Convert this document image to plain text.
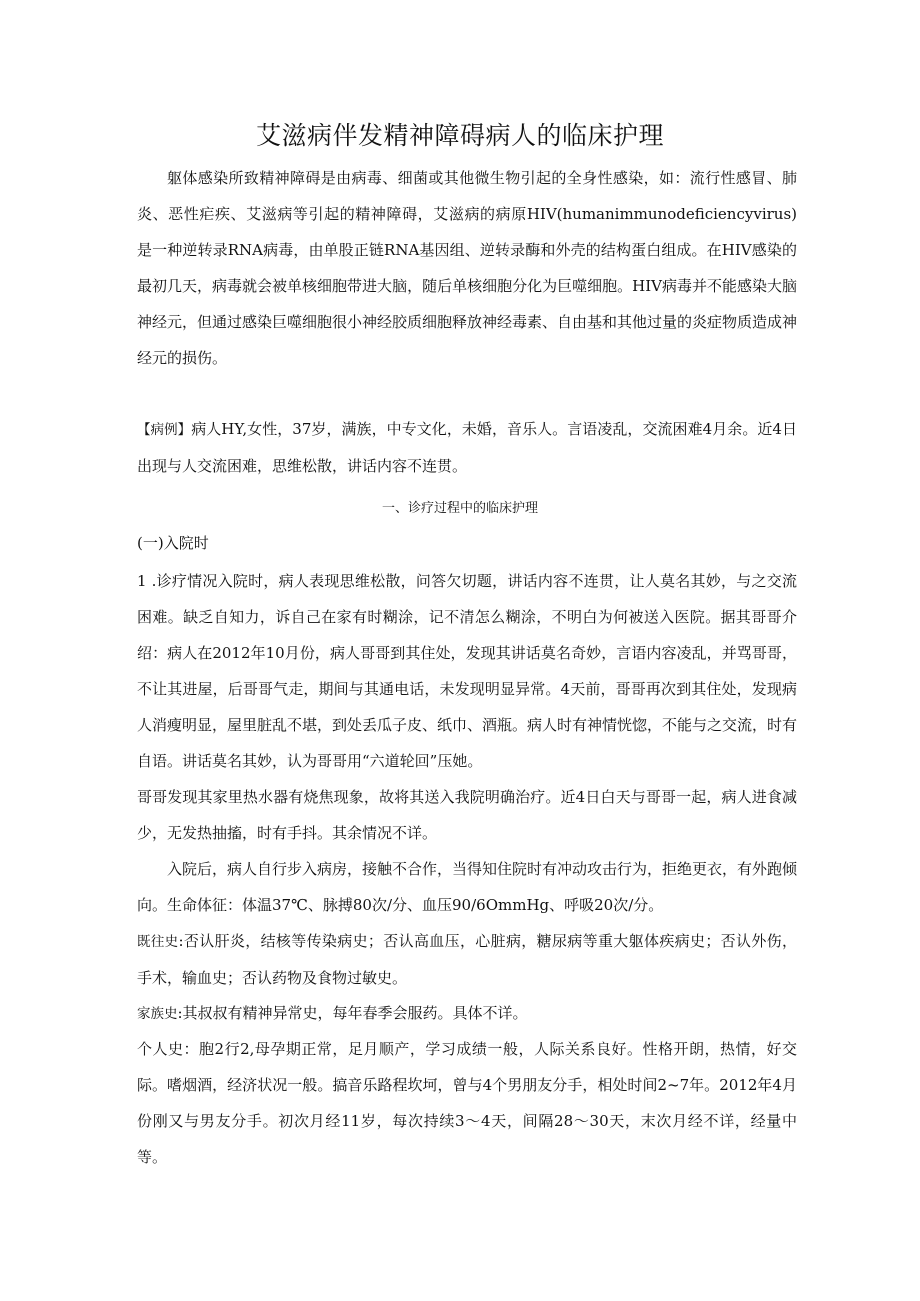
艾滋病伴发精神障碍病人的临床护理

躯体感染所致精神障碍是由病毒、细菌或其他微生物引起的全身性感染，如：流行性感冒、肺炎、恶性疟疾、艾滋病等引起的精神障碍，艾滋病的病原HIV(humanimmunodeficiencyvirus)是一种逆转录RNA病毒，由单股正链RNA基因组、逆转录酶和外壳的结构蛋白组成。在HIV感染的最初几天，病毒就会被单核细胞带进大脑，随后单核细胞分化为巨噬细胞。HIV病毒并不能感染大脑神经元，但通过感染巨噬细胞很小神经胶质细胞释放神经毒素、自由基和其他过量的炎症物质造成神经元的损伤。

【病例】病人HY,女性，37岁，满族，中专文化，未婚，音乐人。言语凌乱，交流困难4月余。近4日出现与人交流困难，思维松散，讲话内容不连贯。

一、诊疗过程中的临床护理

(一)入院时

1 .诊疗情况入院时，病人表现思维松散，问答欠切题，讲话内容不连贯，让人莫名其妙，与之交流困难。缺乏自知力，诉自己在家有时糊涂，记不清怎么糊涂，不明白为何被送入医院。据其哥哥介绍：病人在2012年10月份，病人哥哥到其住处，发现其讲话莫名奇妙，言语内容凌乱，并骂哥哥，不让其进屋，后哥哥气走，期间与其通电话，未发现明显异常。4天前，哥哥再次到其住处，发现病人消瘦明显，屋里脏乱不堪，到处丢瓜子皮、纸巾、酒瓶。病人时有神情恍惚，不能与之交流，时有自语。讲话莫名其妙，认为哥哥用“六道轮回”压她。

哥哥发现其家里热水器有烧焦现象，故将其送入我院明确治疗。近4日白天与哥哥一起，病人进食减少，无发热抽搐，时有手抖。其余情况不详。

入院后，病人自行步入病房，接触不合作，当得知住院时有冲动攻击行为，拒绝更衣，有外跑倾向。生命体征：体温37℃、脉搏80次/分、血压90/6OmmHg、呼吸20次/分。

既往史:否认肝炎，结核等传染病史；否认高血压，心脏病，糖尿病等重大躯体疾病史；否认外伤，手术，输血史；否认药物及食物过敏史。

家族史:其叔叔有精神异常史，每年春季会服药。具体不详。

个人史：胞2行2,母孕期正常，足月顺产，学习成绩一般，人际关系良好。性格开朗，热情，好交际。嗜烟酒，经济状况一般。搞音乐路程坎坷，曾与4个男朋友分手，相处时间2~7年。2012年4月份刚又与男友分手。初次月经11岁，每次持续3～4天，间隔28～30天，末次月经不详，经量中等。
